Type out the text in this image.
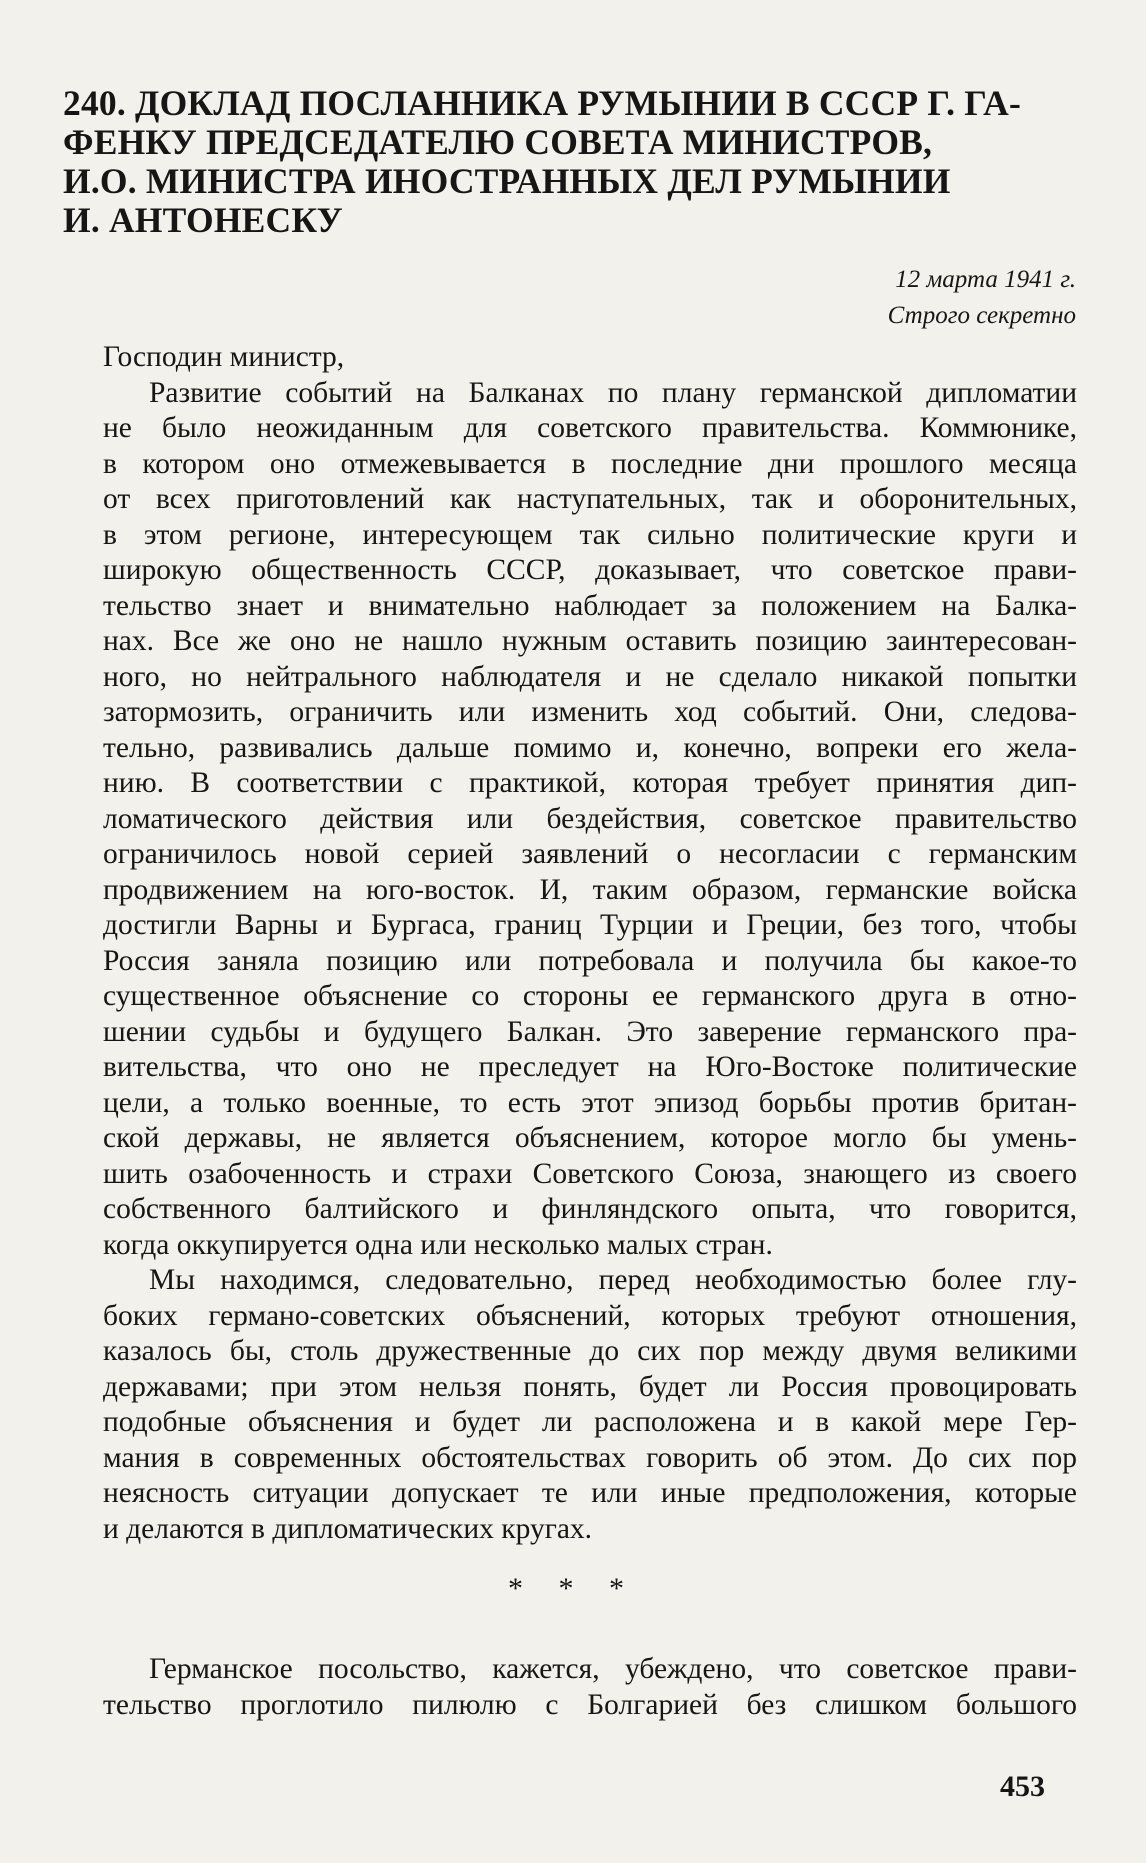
240. ДОКЛАД ПОСЛАННИКА РУМЫНИИ В СССР Г. ГА-
ФЕНКУ ПРЕДСЕДАТЕЛЮ СОВЕТА МИНИСТРОВ,
И.О. МИНИСТРА ИНОСТРАННЫХ ДЕЛ РУМЫНИИ
И. АНТОНЕСКУ
12 марта 1941 г.
Строго секретно
Господин министр,
Развитие событий на Балканах по плану германской дипломатии
не было неожиданным для советского правительства. Коммюнике,
в котором оно отмежевывается в последние дни прошлого месяца
от всех приготовлений как наступательных, так и оборонительных,
в этом регионе, интересующем так сильно политические круги и
широкую общественность СССР, доказывает, что советское прави-
тельство знает и внимательно наблюдает за положением на Балка-
нах. Все же оно не нашло нужным оставить позицию заинтересован-
ного, но нейтрального наблюдателя и не сделало никакой попытки
затормозить, ограничить или изменить ход событий. Они, следова-
тельно, развивались дальше помимо и, конечно, вопреки его жела-
нию. В соответствии с практикой, которая требует принятия дип-
ломатического действия или бездействия, советское правительство
ограничилось новой серией заявлений о несогласии с германским
продвижением на юго-восток. И, таким образом, германские войска
достигли Варны и Бургаса, границ Турции и Греции, без того, чтобы
Россия заняла позицию или потребовала и получила бы какое-то
существенное объяснение со стороны ее германского друга в отно-
шении судьбы и будущего Балкан. Это заверение германского пра-
вительства, что оно не преследует на Юго-Востоке политические
цели, а только военные, то есть этот эпизод борьбы против британ-
ской державы, не является объяснением, которое могло бы умень-
шить озабоченность и страхи Советского Союза, знающего из своего
собственного балтийского и финляндского опыта, что говорится,
когда оккупируется одна или несколько малых стран.
Мы находимся, следовательно, перед необходимостью более глу-
боких германо-советских объяснений, которых требуют отношения,
казалось бы, столь дружественные до сих пор между двумя великими
державами; при этом нельзя понять, будет ли Россия провоцировать
подобные объяснения и будет ли расположена и в какой мере Гер-
мания в современных обстоятельствах говорить об этом. До сих пор
неясность ситуации допускает те или иные предположения, которые
и делаются в дипломатических кругах.
* * *
Германское посольство, кажется, убеждено, что советское прави-
тельство проглотило пилюлю с Болгарией без слишком большого
453
